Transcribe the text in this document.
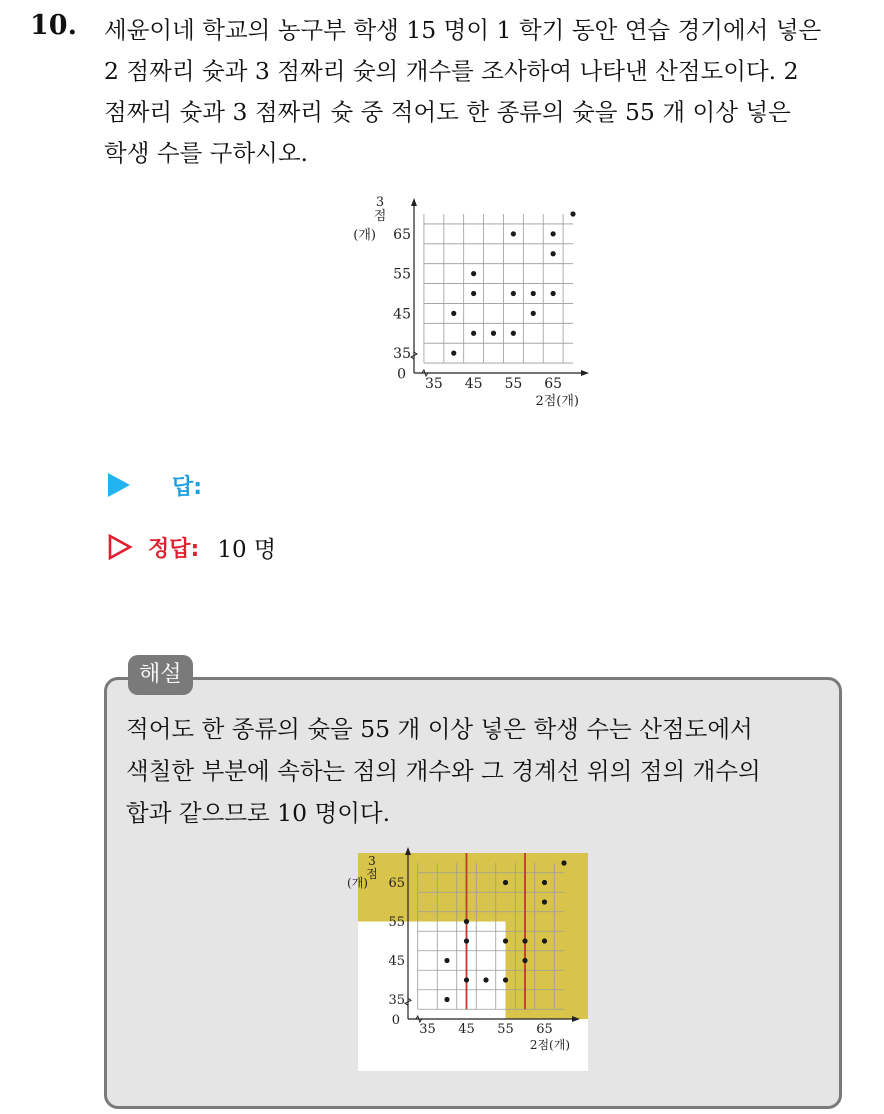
10. 세윤이네 학교의 농구부 학생 15 명이 1 학기 동안 연습 경기에서 넣은
2 점짜리 슛과 3 점짜리 슛의 개수를 조사하여 나타낸 산점도이다. 2
점짜리 슛과 3 점짜리 슛 중 적어도 한 종류의 슛을 55 개 이상 넣은
학생 수를 구하시오.
35 45 55 65
35
45
55
65
0
3
점
(개)
2점(개)
답:
정답: 10 명
해설
적어도 한 종류의 슛을 55 개 이상 넣은 학생 수는 산점도에서
색칠한 부분에 속하는 점의 개수와 그 경계선 위의 점의 개수의
합과 같으므로 10 명이다.
35 45 55 65
35
45
55
65
0
3
점
(개)
2점(개)
